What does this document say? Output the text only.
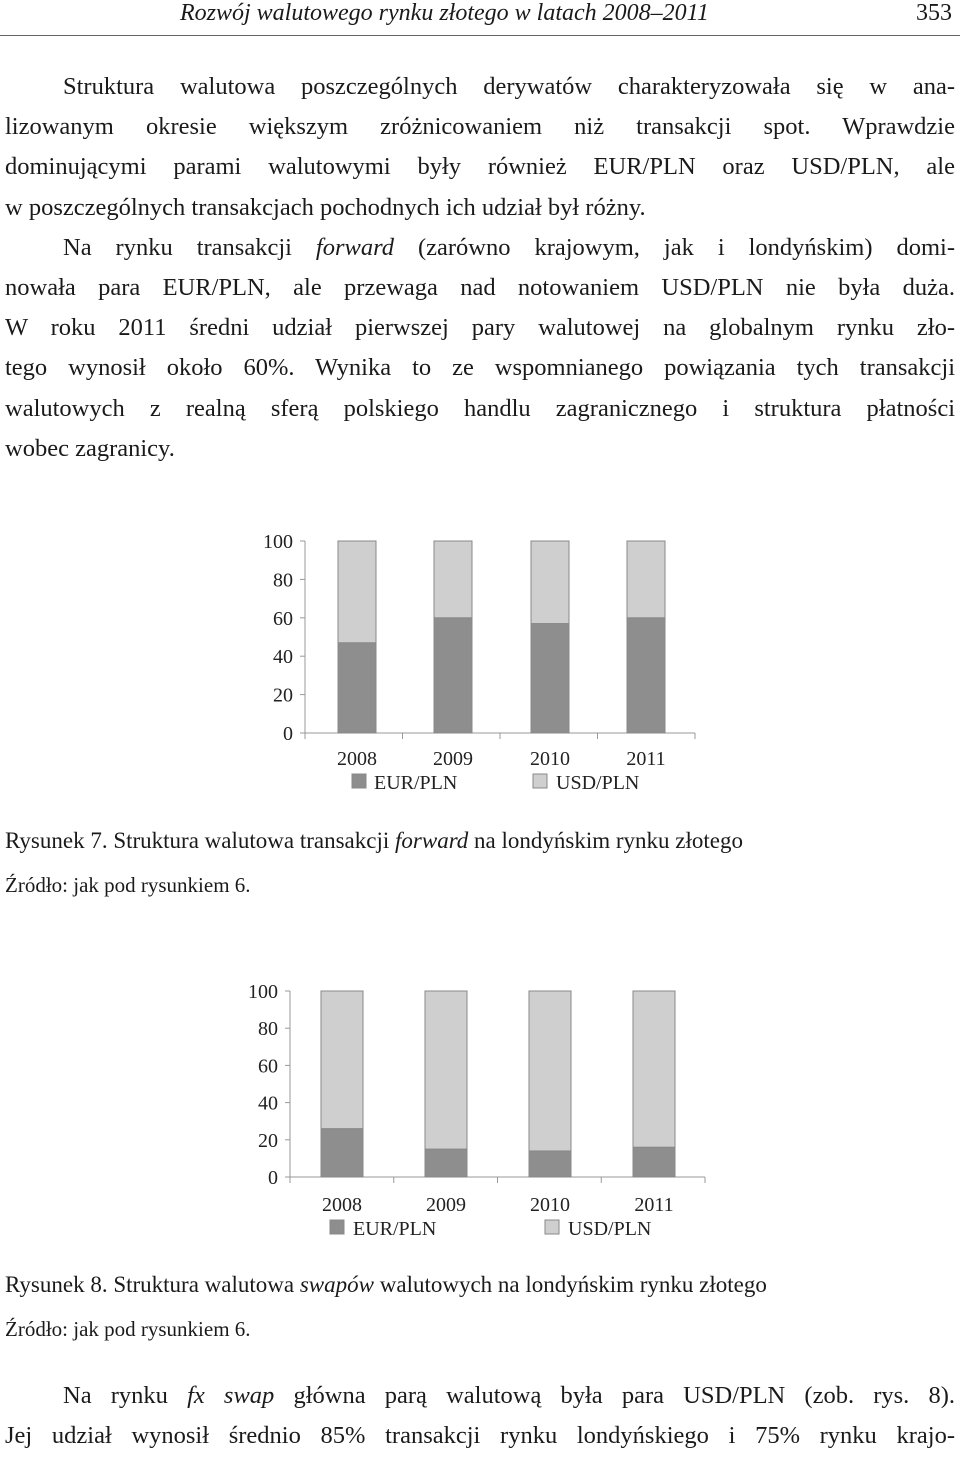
Rozwój walutowego rynku złotego w latach 2008–2011	353
Struktura walutowa poszczególnych derywatów charakteryzowała się w ana-
lizowanym okresie większym zróżnicowaniem niż transakcji spot. Wprawdzie
dominującymi parami walutowymi były również EUR/PLN oraz USD/PLN, ale
w poszczególnych transakcjach pochodnych ich udział był różny.
Na rynku transakcji forward (zarówno krajowym, jak i londyńskim) domi-
nowała para EUR/PLN, ale przewaga nad notowaniem USD/PLN nie była duża.
W roku 2011 średni udział pierwszej pary walutowej na globalnym rynku zło-
tego wynosił około 60%. Wynika to ze wspomnianego powiązania tych transakcji
walutowych z realną sferą polskiego handlu zagranicznego i struktura płatności
wobec zagranicy.
0
20
40
60
80
100
2008	2009	2010	2011
EUR/PLN	USD/PLN
Rysunek 7. Struktura walutowa transakcji forward na londyńskim rynku złotego
Źródło: jak pod rysunkiem 6.
0
20
40
60
80
100
2008	2009	2010	2011
EUR/PLN	USD/PLN
Rysunek 8. Struktura walutowa swapów walutowych na londyńskim rynku złotego
Źródło: jak pod rysunkiem 6.
Na rynku fx swap główna parą walutową była para USD/PLN (zob. rys. 8).
Jej udział wynosił średnio 85% transakcji rynku londyńskiego i 75% rynku krajo-
